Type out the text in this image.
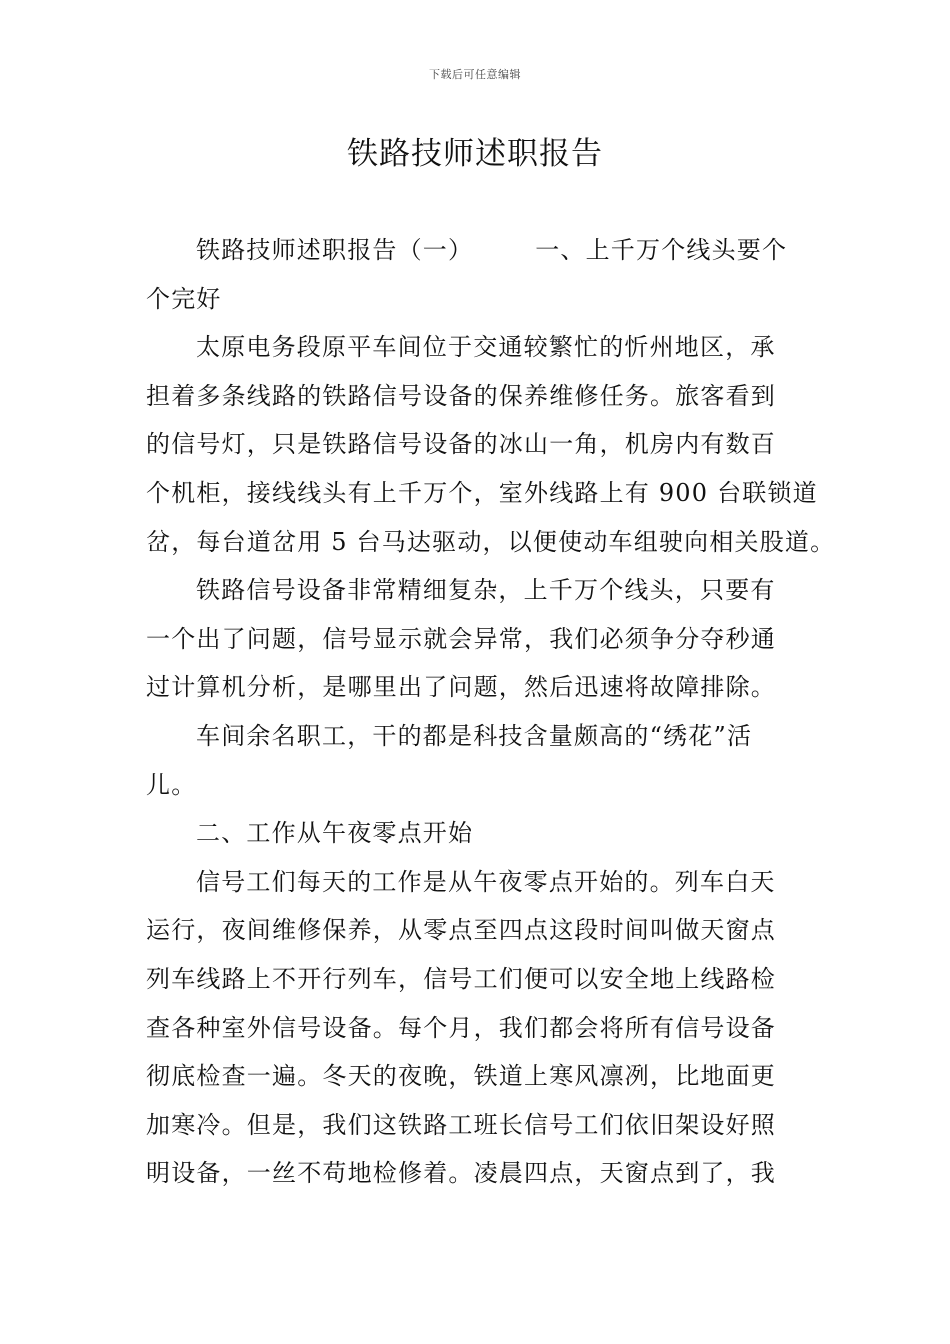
下载后可任意编辑
铁路技师述职报告
铁路技师述职报告（一）	一、上千万个线头要个
个完好
太原电务段原平车间位于交通较繁忙的忻州地区，承
担着多条线路的铁路信号设备的保养维修任务。旅客看到
的信号灯，只是铁路信号设备的冰山一角，机房内有数百
个机柜，接线线头有上千万个，室外线路上有 900 台联锁道
岔，每台道岔用 5 台马达驱动，以便使动车组驶向相关股道。
铁路信号设备非常精细复杂，上千万个线头，只要有
一个出了问题，信号显示就会异常，我们必须争分夺秒通
过计算机分析，是哪里出了问题，然后迅速将故障排除。
车间余名职工，干的都是科技含量颇高的“绣花”活
儿。
二、工作从午夜零点开始
信号工们每天的工作是从午夜零点开始的。列车白天
运行，夜间维修保养，从零点至四点这段时间叫做天窗点
列车线路上不开行列车，信号工们便可以安全地上线路检
查各种室外信号设备。每个月，我们都会将所有信号设备
彻底检查一遍。冬天的夜晚，铁道上寒风凛冽，比地面更
加寒冷。但是，我们这铁路工班长信号工们依旧架设好照
明设备，一丝不苟地检修着。凌晨四点，天窗点到了，我
